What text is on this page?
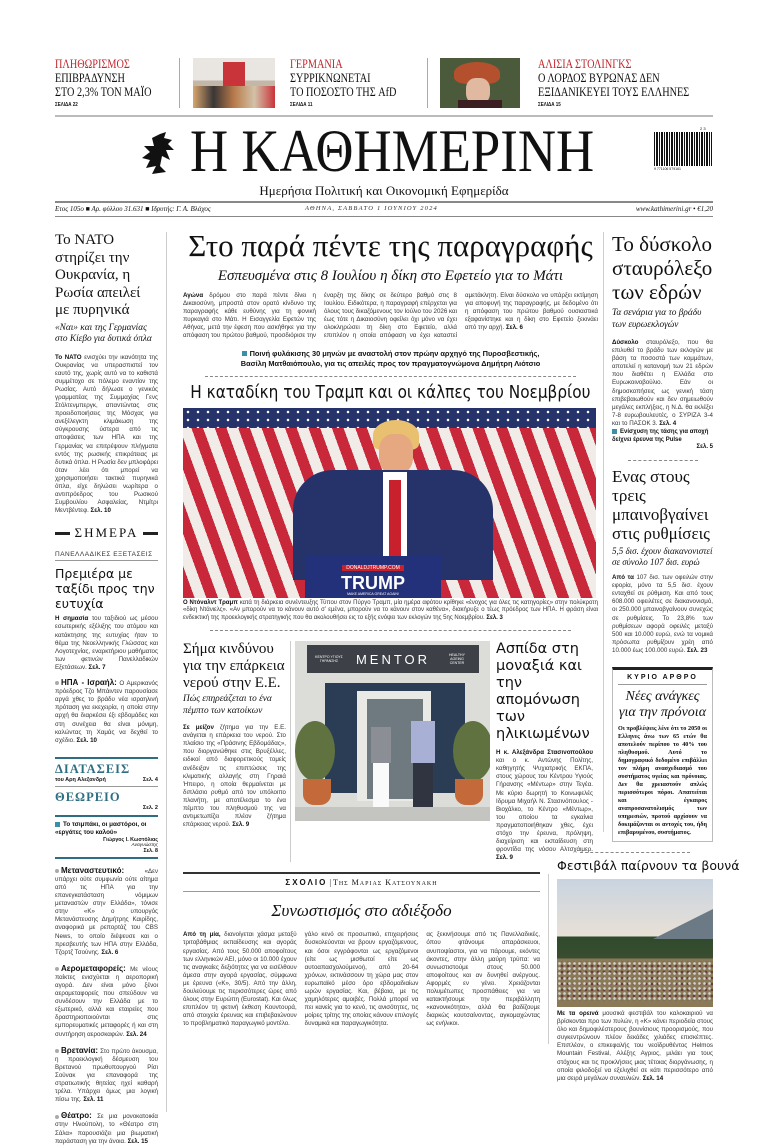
ΠΛΗΘΩΡΙΣΜΟΣ
ΕΠΙΒΡΑΔΥΝΣΗ
ΣΤΟ 2,3% ΤΟΝ ΜΑΪΟ
ΣΕΛΙΔΑ 22
ΓΕΡΜΑΝΙΑ
ΣΥΡΡΙΚΝΩΝΕΤΑΙ
ΤΟ ΠΟΣΟΣΤΟ ΤΗΣ AfD
ΣΕΛΙΔΑ 11
ΑΛΙΣΙΑ ΣΤΟΛΙΝΓΚΣ
Ο ΛΟΡΔΟΣ ΒΥΡΩΝΑΣ ΔΕΝ
ΕΞΙΔΑΝΙΚΕΥΕΙ ΤΟΥΣ ΕΛΛΗΝΕΣ
ΣΕΛΙΔΑ 15
Η ΚΑΘΗΜΕΡΙΝΗ	2 3
9 771106 579161
Ημερήσια Πολιτική και Οικονομική Εφημερίδα
Ετος 105ο ■ Αρ. φύλλου 31.631 ■ Ιδρυτής: Γ. Α. Βλάχος	ΑΘΗΝΑ, ΣΑΒΒΑΤΟ 1 ΙΟΥΝΙΟΥ 2024	www.kathimerini.gr • €1,20
Το ΝΑΤΟ στηρίζει την Ουκρανία, η Ρωσία απειλεί με πυρηνικά
«Ναι» και της Γερμανίας στο Κίεβο για δυτικά όπλα
Το ΝΑΤΟ ενισχύει την ικανότητα της Ουκρανίας να υπερασπιστεί τον εαυτό της, χωρίς αυτό να το καθιστά συμμέτοχο σε πόλεμο εναντίον της Ρωσίας. Αυτό δήλωσε ο γενικός γραμματέας της Συμμαχίας Γενς Στόλτενμπεργκ, απαντώντας στις προειδοποιήσεις της Μόσχας για ανεξέλεγκτη κλιμάκωση της σύγκρουσης ύστερα από τις αποφάσεις των ΗΠΑ και της Γερμανίας να επιτρέψουν πλήγματα εντός της ρωσικής επικράτειας με δυτικά όπλα. Η Ρωσία δεν μπλοφάρει όταν λέει ότι μπορεί να χρησιμοποιήσει τακτικά πυρηνικά όπλα, είχε δηλώσει νωρίτερα ο αντιπρόεδρος του Ρωσικού Συμβουλίου Ασφαλείας, Ντμίτρι Μεντβέντεφ. Σελ. 10
ΣΗΜΕΡΑ
ΠΑΝΕΛΛΑΔΙΚΕΣ ΕΞΕΤΑΣΕΙΣ
Πρεμιέρα με ταξίδι προς την ευτυχία
Η σημασία του ταξιδιού ως μέσου εσωτερικής εξέλιξης του ατόμου και κατάκτησης της ευτυχίας ήταν το θέμα της Νεοελληνικής Γλώσσας και Λογοτεχνίας, εναρκτήριου μαθήματος των φετινών Πανελλαδικών Εξετάσεων. Σελ. 7
ΗΠΑ - Ισραήλ: Ο Αμερικανός πρόεδρος Τζο Μπάιντεν παρουσίασε αργά χθες το βράδυ νέα ισραηλινή πρόταση για εκεχειρία, η οποία στην αρχή θα διαρκέσει έξι εβδομάδες και στη συνέχεια θα είναι μόνιμη, καλώντας τη Χαμάς να δεχθεί το σχέδιο. Σελ. 10
ΔΙΑΤΑΣΕΙΣ
του Αρη Αλεξανδρή	Σελ. 4
ΘΕΩΡΕΙΟ
Σελ. 2
Το τσιμπάκι, οι μαστόροι, οι «εργάτες του καλού»
Γιώργος Ι. Κωστόλιας
Αναγνώστης
Σελ. 8
Μεταναστευτικό: «Δεν υπάρχει ούτε συμφωνία ούτε αίτημα από τις ΗΠΑ για την επανεγκατάσταση νόμιμων μεταναστών στην Ελλάδα», τόνισε στην «Κ» ο υπουργός Μετανάστευσης Δημήτρης Καιρίδης, αναφορικά με ρεπορτάζ του CBS News, το οποίο διέψευσε και ο πρεσβευτής των ΗΠΑ στην Ελλάδα, Τζορτζ Τσούνης. Σελ. 6
Αερομεταφορείς: Με νέους παίκτες ενισχύεται η αεροπορική αγορά. Δεν είναι μόνο ξένοι αερομεταφορείς που σπεύδουν να συνδέσουν την Ελλάδα με το εξωτερικό, αλλά και εταιρείες που δραστηριοποιούνται στις εμπορευματικές μεταφορές ή και στη συντήρηση αεροσκαφών. Σελ. 24
Βρετανία: Στο πρώτο άκουσμα, η προεκλογική δέσμευση του Βρετανού πρωθυπουργού Ρίσι Σούνακ για επαναφορά της στρατιωτικής θητείας ηχεί καθαρή τρέλα. Υπάρχει όμως μια λογική πίσω της. Σελ. 11
Θέατρο: Σε μια μονοκατοικία στην Ηλιούπολη, το «Θέατρο στη Σάλα» παρουσιάζει μια βιωματική παράσταση για την άνοια. Σελ. 15
Στο παρά πέντε της παραγραφής
Εσπευσμένα στις 8 Ιουλίου η δίκη στο Εφετείο για το Μάτι
Αγώνα δρόμου στο παρά πέντε δίνει η Δικαιοσύνη, μπροστά στον ορατό κίνδυνο της παραγραφής κάθε ευθύνης για τη φονική πυρκαγιά στο Μάτι. Η Εισαγγελία Εφετών της Αθήνας, μετά την έφεση που ασκήθηκε για την απόφαση του πρώτου βαθμού, προσδιόρισε την έναρξη της δίκης σε δεύτερο βαθμό στις 8 Ιουλίου. Ειδικότερα, η παραγραφή επέρχεται για όλους τους δικαζόμενους τον Ιούλιο του 2026 και έως τότε η Δικαιοσύνη οφείλει όχι μόνο να έχει ολοκληρώσει τη δίκη στο Εφετείο, αλλά επιπλέον η οποία απόφαση να έχει καταστεί αμετάκλητη. Είναι δύσκολο να υπάρξει εκτίμηση για αποφυγή της παραγραφής, με δεδομένο ότι η απόφαση του πρώτου βαθμού ουσιαστικά εξαφανίστηκε και η δίκη στο Εφετείο ξεκινάει από την αρχή. Σελ. 6
Ποινή φυλάκισης 30 μηνών με αναστολή στον πρώην αρχηγό της Πυροσβεστικής,
Βασίλη Ματθαιόπουλο, για τις απειλές προς τον πραγματογνώμονα Δημήτρη Λιότσιο
Η καταδίκη του Τραμπ και οι κάλπες του Νοεμβρίου
DONALDJTRUMP.COM
TRUMP
MAKE AMERICA GREAT AGAIN!
Ο Ντόναλντ Τραμπ κατά τη διάρκεια συνέντευξης Τύπου στον Πύργο Τραμπ, μία ημέρα αφότου κρίθηκε «ένοχος για όλες τις κατηγορίες» στην πολύκροτη «δίκη Ντάνιελς». «Αν μπορούν να το κάνουν αυτό σ’ εμένα, μπορούν να το κάνουν στον καθένα», διακήρυξε ο τέως πρόεδρος των ΗΠΑ. Η φράση είναι ενδεικτική της προεκλογικής στρατηγικής που θα ακολουθήσει εις το εξής ενόψει των εκλογών της 5ης Νοεμβρίου. Σελ. 3
Σήμα κινδύνου για την επάρκεια νερού στην Ε.Ε.
Πώς επηρεάζεται το ένα πέμπτο των κατοίκων
Σε μείζον ζήτημα για την Ε.Ε. ανάγεται η επάρκεια του νερού. Στο πλαίσιο της «Πράσινης Εβδομάδας», που διοργανώθηκε στις Βρυξέλλες, ειδικοί από διαφορετικούς τομείς ανέδειξαν τις επιπτώσεις της κλιματικής αλλαγής στη Γηραιά Ήπειρο, η οποία θερμαίνεται με διπλάσιο ρυθμό από τον υπόλοιπο πλανήτη, με αποτέλεσμα το ένα πέμπτο του πληθυσμού της να αντιμετωπίζει πλέον ζήτημα επάρκειας νερού. Σελ. 9
ΚΕΝΤΡΟ ΥΓΙΟΥΣ ΓΗΡΑΝΣΗΣ	MENTOR	HEALTHY AGEING CENTER
Ασπίδα στη μοναξιά και την απομόνωση των ηλικιωμένων
Η κ. Αλεξάνδρα Στασινοπούλου και ο κ. Αντώνης Πολίτης, καθηγητής Ψυχιατρικής ΕΚΠΑ, στους χώρους του Κέντρου Υγιούς Γήρανσης «Μέντωρ» στην Τεγέα. Με κύριο δωρητή το Κοινωφελές Ιδρυμα Μιχαήλ Ν. Στασινόπουλος - Βιοχάλκο, το Κέντρο «Μέντωρ», του οποίου τα εγκαίνια πραγματοποιήθηκαν χθες, έχει στόχο την έρευνα, πρόληψη, διαχείριση και εκπαίδευση στη φροντίδα της νόσου Αλτσχάιμερ. Σελ. 9
ΣΧΟΛΙΟ | Της Μαριας Κατσουνακη
Συνωστισμός στο αδιέξοδο
Από τη μία, διανοίγεται χάσμα μεταξύ τριτοβάθμιας εκπαίδευσης και αγοράς εργασίας. Από τους 50.000 αποφοίτους των ελληνικών ΑΕΙ, μόνο οι 10.000 έχουν τις αναγκαίες δεξιότητες για να εισέλθουν άμεσα στην αγορά εργασίας, σύμφωνα με έρευνα («Κ», 30/5). Από την άλλη, δουλεύουμε τις περισσότερες ώρες από όλους στην Ευρώπη (Eurostat). Και όλως επιπλέον τη φετινή έκθεση Κουντουρά, από στοιχεία έρευνας και επιβεβαιώνουν το προβληματικό παραγωγικό μοντέλο.
γάλο κενό σε προσωπικό, επιχειρήσεις δυσκολεύονται να βρουν εργαζόμενους, και όσοι εγγράφονται ως εργαζόμενοι (είτε ως μισθωτοί είτε ως αυτοαπασχολούμενοι), από 20-64 χρόνων, εκτινάσσουν τη χώρα μας στον ευρωπαϊκό μέσο όρο εβδομαδιαίων ωρών εργασίας. Και, βέβαια, με τις χαμηλότερες αμοιβές. Πολλά μπορεί να πει κανείς για το κενό, τις ανισότητες, τις μοίρες τρίτης της οποίας κάνουν επιλογές δυναμικά και παραγωγικότητα.
ας ξεκινήσουμε από τις Πανελλαδικές, όπου φτάνουμε απαράσκευοι, ανυποψίαστοι, για να πάρουμε, εκόντες άκοντες, στην άλλη μαύρη τρύπα: να συνωστιστούμε στους 50.000 αποφοίτους και αν δυνηθεί ανέργους. Αφορμές εν γένει. Χρειάζονται πολυμέτωπες προσπάθειες για να κατακτήσουμε την περιβάλλητη «κανονικότητα», αλλά θα βαδίζουμε διαρκώς κουτσαίνοντας, αγκομαχώντας ως ενήλικοι.
Το δύσκολο σταυρόλεξο των εδρών
Τα σενάρια για το βράδυ των ευρωεκλογών
Δύσκολο σταυρόλεξο, που θα επιλυθεί το βράδυ των εκλογών με βάση τα ποσοστά των κομμάτων, αποτελεί η κατανομή των 21 εδρών που διαθέτει η Ελλάδα στο Ευρωκοινοβούλιο. Εάν οι δημοσκοπήσεις ως γενική τάση επιβεβαιωθούν και δεν σημειωθούν μεγάλες εκπλήξεις, η Ν.Δ. θα εκλέξει 7-8 ευρωβουλευτές, ο ΣΥΡΙΖΑ 3-4 και το ΠΑΣΟΚ 3. Σελ. 4
Ενίσχυση της τάσης για αποχή δείχνει έρευνα της Pulse
Σελ. 5
Ενας στους τρεις μπαινοβγαίνει στις ρυθμίσεις
5,5 δισ. έχουν διακανονιστεί σε σύνολο 107 δισ. ευρώ
Από τα 107 δισ. των οφειλών στην εφορία, μόνο τα 5,5 δισ. έχουν ενταχθεί σε ρύθμιση. Και από τους 608.000 οφειλέτες σε διακανονισμό, οι 250.000 μπαινοβγαίνουν συνεχώς σε ρυθμίσεις. Το 23,8% των ρυθμίσεων αφορά οφειλές μεταξύ 500 και 10.000 ευρώ, ενώ τα νομικά πρόσωπα ρυθμίζουν χρέη από 10.000 έως 100.000 ευρώ. Σελ. 23
ΚΥΡΙΟ ΑΡΘΡΟ
Νέες ανάγκες για την πρόνοια
Οι προβλέψεις λένε ότι το 2050 οι Ελληνες άνω των 65 ετών θα αποτελούν περίπου το 40% του πληθυσμού. Αυτό το δημογραφικό δεδομένο επιβάλλει τον πλήρη ανασχεδιασμό του συστήματος υγείας και πρόνοιας. Δεν θα χρειαστούν απλώς περισσότεροι πόροι. Απαιτείται και έγκαιρος αναπροσανατολισμός των υπηρεσιών, προτού αρχίσουν να δοκιμάζονται οι αντοχές του, ήδη επιβαρυμένου, συστήματος.
Φεστιβάλ παίρνουν τα βουνά
Με τα ορεινά μουσικά φεστιβάλ του καλοκαιριού να βρίσκονται προ των πυλών, η «Κ» κάνει περιοδεία στους όλο και δημοφιλέστερους βουνίσιους προορισμούς, που συγκεντρώνουν πλέον δεκάδες χιλιάδες επισκέπτες. Επιπλέον, ο επικεφαλής του νεοϊδρυθέντος Helmos Mountain Festival, Αλέξης Αγριος, μιλάει για τους στόχους και τις προκλήσεις μιας τέτοιας διοργάνωσης, η οποία φιλοδοξεί να εξελιχθεί σε κάτι περισσότερο από μια σειρά μεγάλων συναυλιών. Σελ. 14
